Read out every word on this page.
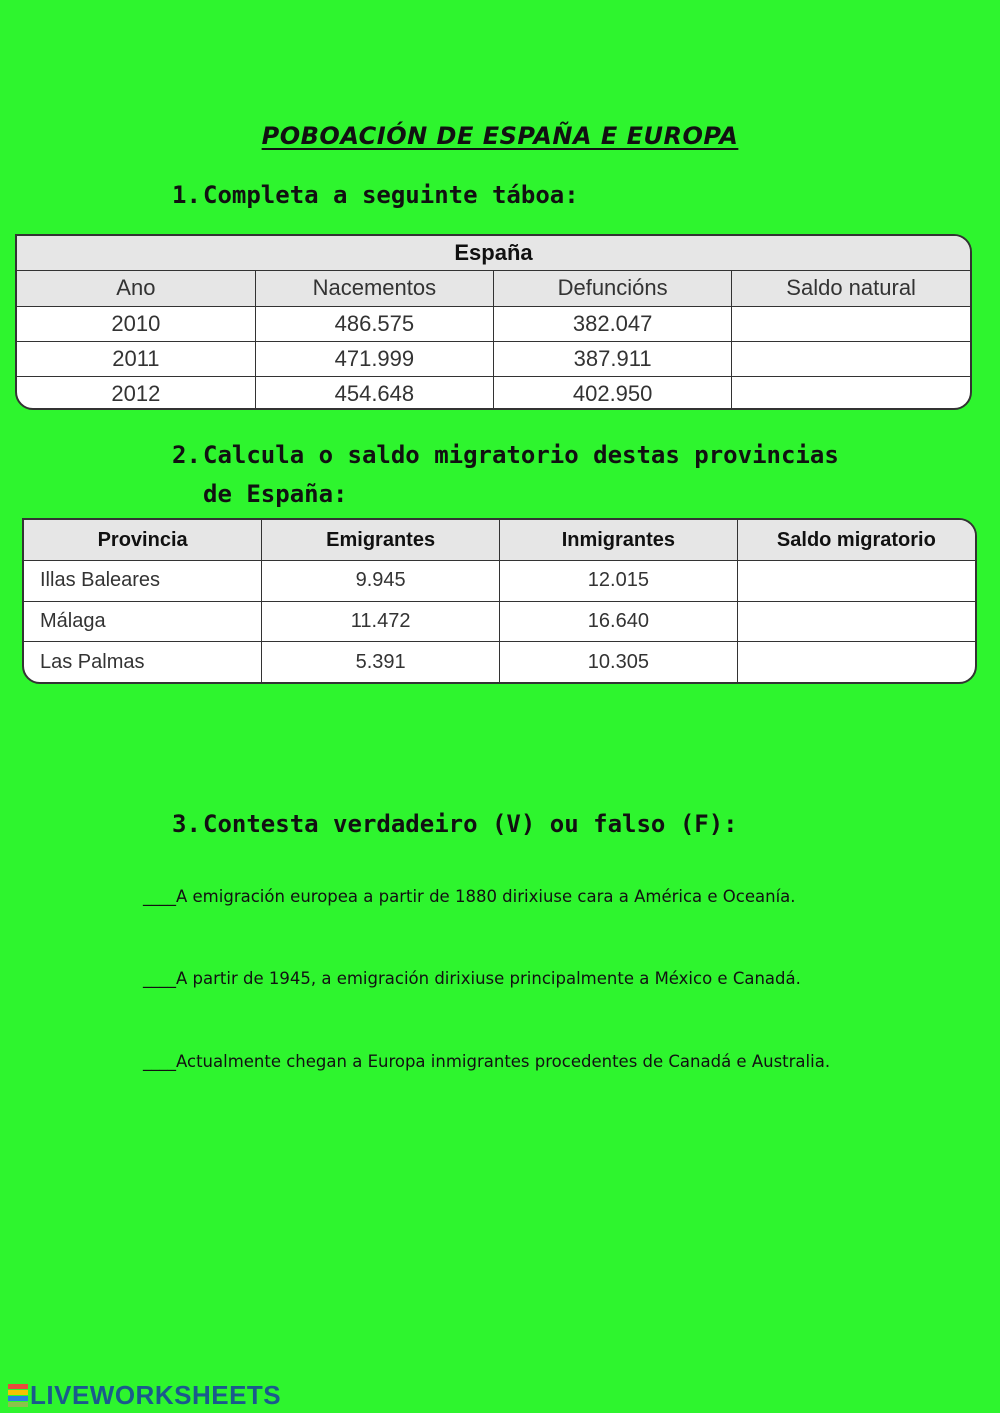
POBOACIÓN DE ESPAÑA E EUROPA
1. Completa a seguinte táboa:
España			
Ano	Nacementos	Defuncións	Saldo natural
2010	486.575	382.047	
2011	471.999	387.911	
2012	454.648	402.950	
2. Calcula o saldo migratorio destas provincias de España:
Provincia	Emigrantes	Inmigrantes	Saldo migratorio
Illas Baleares	9.945	12.015	
Málaga	11.472	16.640	
Las Palmas	5.391	10.305	
3. Contesta verdadeiro (V) ou falso (F):
____A emigración europea a partir de 1880 dirixiuse cara a América e Oceanía.
____A partir de 1945, a emigración dirixiuse principalmente a México e Canadá.
____Actualmente chegan a Europa inmigrantes procedentes de Canadá e Australia.
LIVEWORKSHEETS
